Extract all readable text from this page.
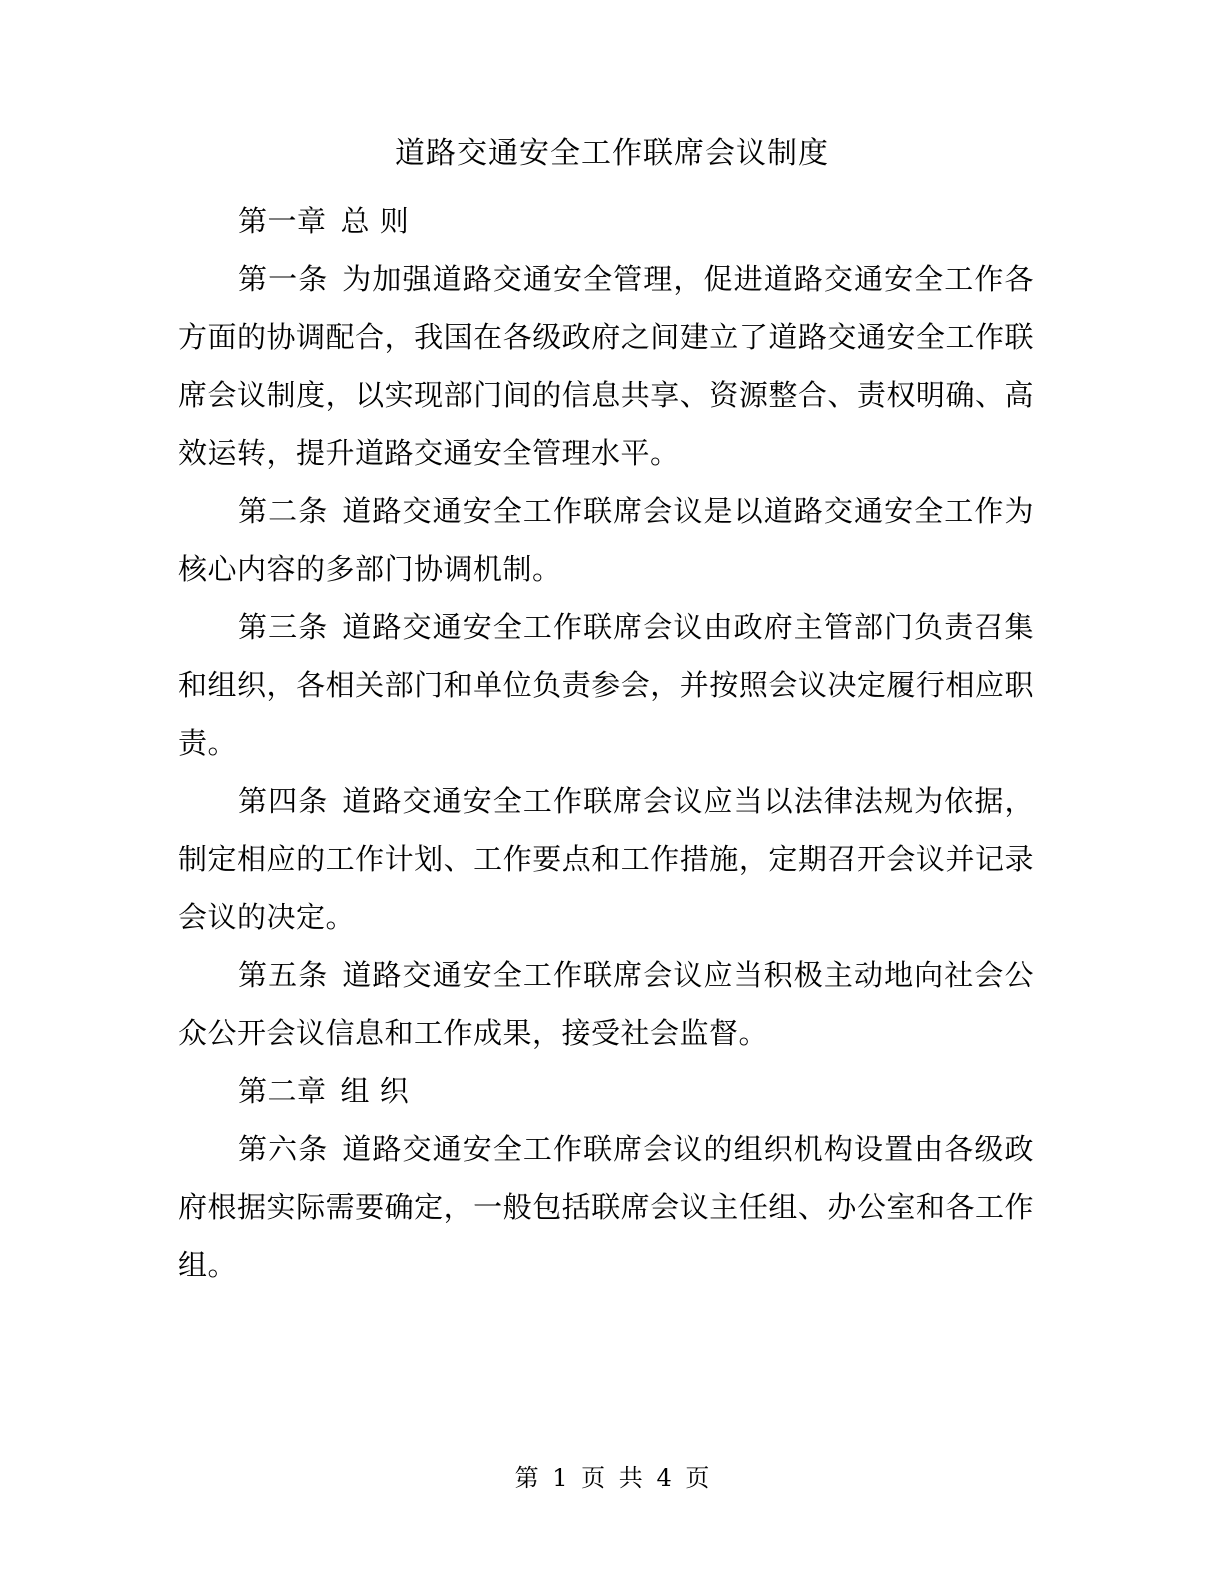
道路交通安全工作联席会议制度

第一章 总 则

第一条 为加强道路交通安全管理，促进道路交通安全工作各方面的协调配合，我国在各级政府之间建立了道路交通安全工作联席会议制度，以实现部门间的信息共享、资源整合、责权明确、高效运转，提升道路交通安全管理水平。

第二条 道路交通安全工作联席会议是以道路交通安全工作为核心内容的多部门协调机制。

第三条 道路交通安全工作联席会议由政府主管部门负责召集和组织，各相关部门和单位负责参会，并按照会议决定履行相应职责。

第四条 道路交通安全工作联席会议应当以法律法规为依据，制定相应的工作计划、工作要点和工作措施，定期召开会议并记录会议的决定。

第五条 道路交通安全工作联席会议应当积极主动地向社会公众公开会议信息和工作成果，接受社会监督。

第二章 组 织

第六条 道路交通安全工作联席会议的组织机构设置由各级政府根据实际需要确定，一般包括联席会议主任组、办公室和各工作组。

第 1 页 共 4 页
